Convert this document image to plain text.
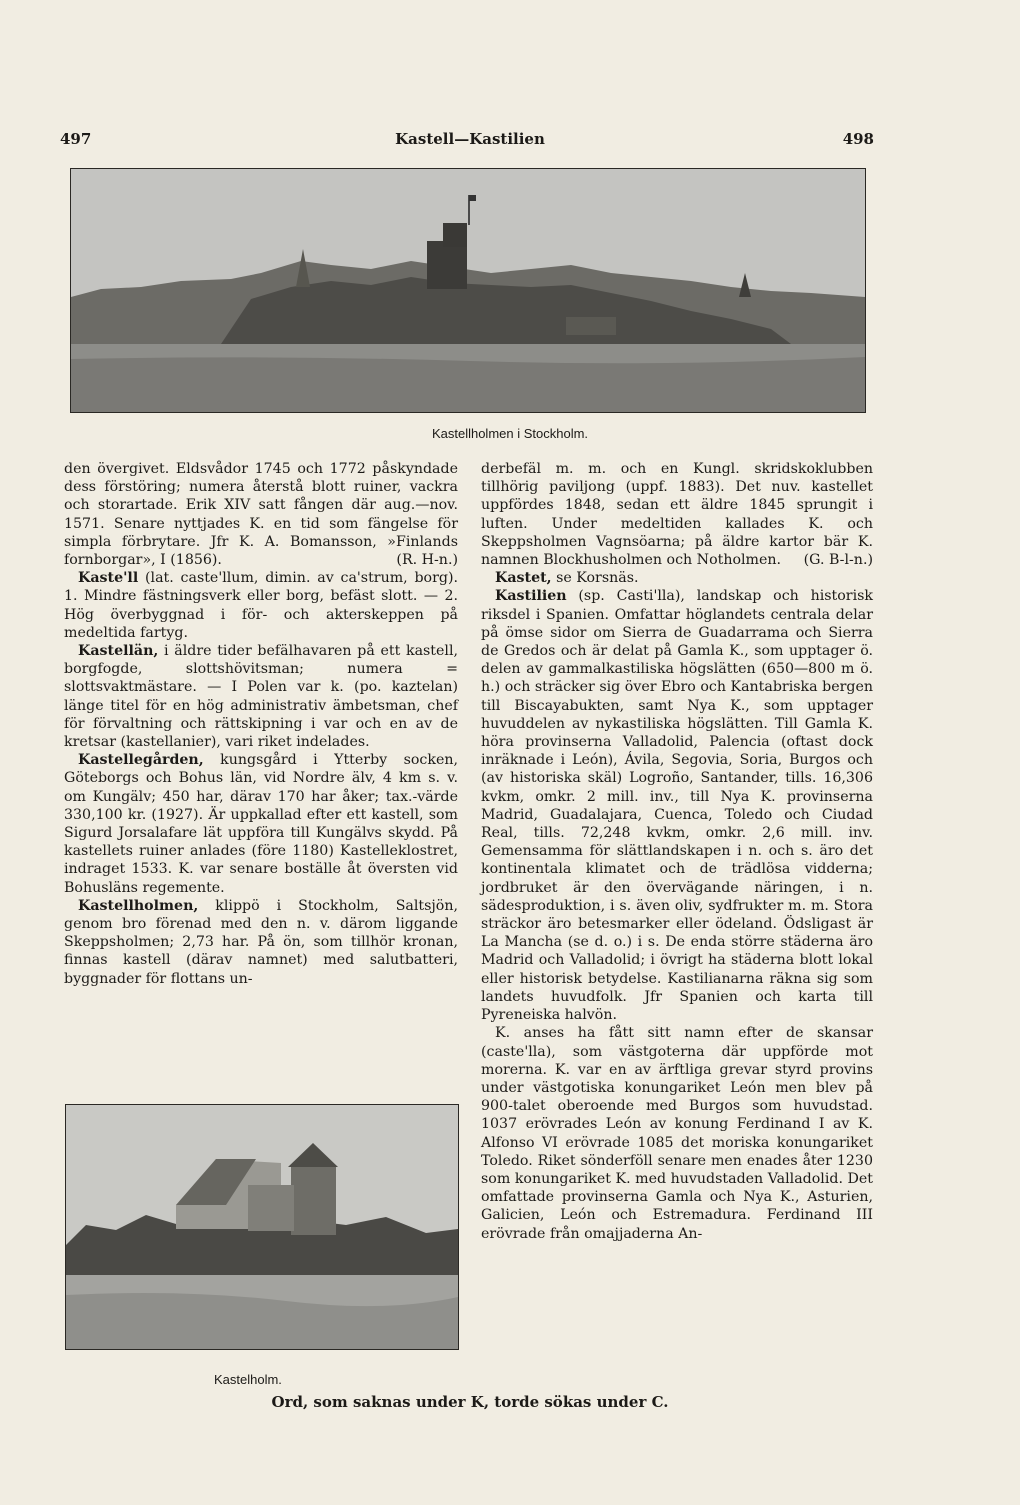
497	Kastell—Kastilien	498
Kastellholmen i Stockholm.

den övergivet. Eldsvådor 1745 och 1772 påskyndade dess förstöring; numera återstå blott ruiner, vackra och storartade. Erik XIV satt fången där aug.—nov. 1571. Senare nyttjades K. en tid som fängelse för simpla förbrytare. Jfr K. A. Bomansson, »Finlands fornborgar», I (1856).	(R. H-n.)

Kaste'll (lat. caste'llum, dimin. av ca'strum, borg). 1. Mindre fästningsverk eller borg, befäst slott. — 2. Hög överbyggnad i för- och akterskeppen på medeltida fartyg.

Kastellän, i äldre tider befälhavaren på ett kastell, borgfogde, slottshövitsman; numera = slottsvaktmästare. — I Polen var k. (po. kaztelan) länge titel för en hög administrativ ämbetsman, chef för förvaltning och rättskipning i var och en av de kretsar (kastellanier), vari riket indelades.

Kastellegården, kungsgård i Ytterby socken, Göteborgs och Bohus län, vid Nordre älv, 4 km s. v. om Kungälv; 450 har, därav 170 har åker; tax.-värde 330,100 kr. (1927). Är uppkallad efter ett kastell, som Sigurd Jorsalafare lät uppföra till Kungälvs skydd. På kastellets ruiner anlades (före 1180) Kastelleklostret, indraget 1533. K. var senare boställe åt översten vid Bohusläns regemente.

Kastellholmen, klippö i Stockholm, Saltsjön, genom bro förenad med den n. v. därom liggande Skeppsholmen; 2,73 har. På ön, som tillhör kronan, finnas kastell (därav namnet) med salutbatteri, byggnader för flottans un-

Kastelholm.

derbefäl m. m. och en Kungl. skridskoklubben tillhörig paviljong (uppf. 1883). Det nuv. kastellet uppfördes 1848, sedan ett äldre 1845 sprungit i luften. Under medeltiden kallades K. och Skeppsholmen Vagnsöarna; på äldre kartor bär K. namnen Blockhusholmen och Notholmen. (G. B-l-n.)

Kastet, se Korsnäs.

Kastilien (sp. Casti'lla), landskap och historisk riksdel i Spanien. Omfattar höglandets centrala delar på ömse sidor om Sierra de Guadarrama och Sierra de Gredos och är delat på Gamla K., som upptager ö. delen av gammalkastiliska högslätten (650—800 m ö. h.) och sträcker sig över Ebro och Kantabriska bergen till Biscayabukten, samt Nya K., som upptager huvuddelen av nykastiliska högslätten. Till Gamla K. höra provinserna Valladolid, Palencia (oftast dock inräknade i León), Ávila, Segovia, Soria, Burgos och (av historiska skäl) Logroño, Santander, tills. 16,306 kvkm, omkr. 2 mill. inv., till Nya K. provinserna Madrid, Guadalajara, Cuenca, Toledo och Ciudad Real, tills. 72,248 kvkm, omkr. 2,6 mill. inv. Gemensamma för slättlandskapen i n. och s. äro det kontinentala klimatet och de trädlösa vidderna; jordbruket är den övervägande näringen, i n. sädesproduktion, i s. även oliv, sydfrukter m. m. Stora sträckor äro betesmarker eller ödeland. Ödsligast är La Mancha (se d. o.) i s. De enda större städerna äro Madrid och Valladolid; i övrigt ha städerna blott lokal eller historisk betydelse. Kastilianarna räkna sig som landets huvudfolk. Jfr Spanien och karta till Pyreneiska halvön.

K. anses ha fått sitt namn efter de skansar (caste'lla), som västgoterna där uppförde mot morerna. K. var en av ärftliga grevar styrd provins under västgotiska konungariket León men blev på 900-talet oberoende med Burgos som huvudstad. 1037 erövrades León av konung Ferdinand I av K. Alfonso VI erövrade 1085 det moriska konungariket Toledo. Riket sönderföll senare men enades åter 1230 som konungariket K. med huvudstaden Valladolid. Det omfattade provinserna Gamla och Nya K., Asturien, Galicien, León och Estremadura. Ferdinand III erövrade från omajjaderna An-

Ord, som saknas under K, torde sökas under C.
